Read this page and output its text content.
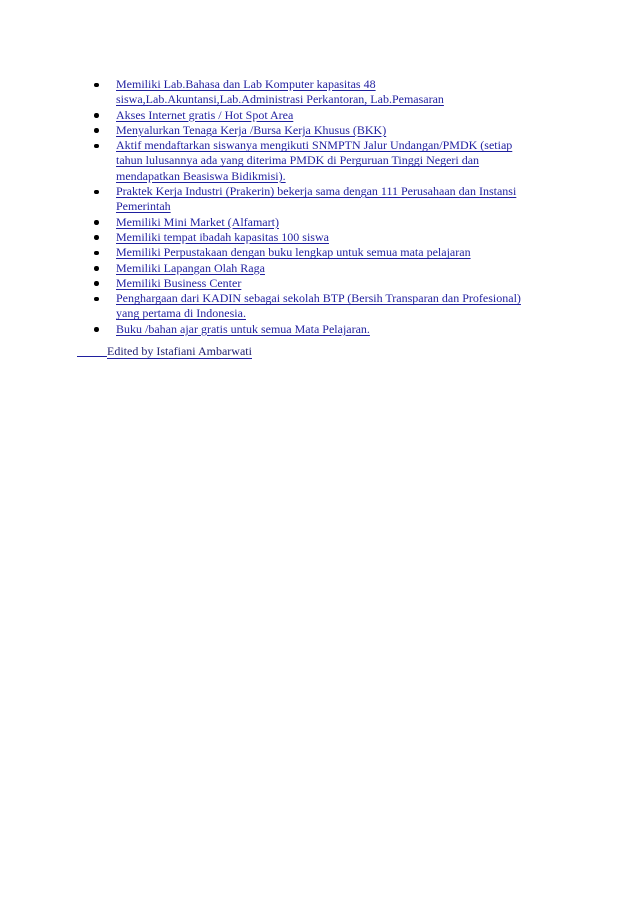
Memiliki Lab.Bahasa dan Lab Komputer kapasitas 48
siswa,Lab.Akuntansi,Lab.Administrasi Perkantoran, Lab.Pemasaran
Akses Internet gratis / Hot Spot Area
Menyalurkan Tenaga Kerja /Bursa Kerja Khusus (BKK)
Aktif mendaftarkan siswanya mengikuti SNMPTN Jalur Undangan/PMDK (setiap
tahun lulusannya ada yang diterima PMDK di Perguruan Tinggi Negeri dan
mendapatkan Beasiswa Bidikmisi).
Praktek Kerja Industri (Prakerin) bekerja sama dengan 111 Perusahaan dan Instansi
Pemerintah
Memiliki Mini Market (Alfamart)
Memiliki tempat ibadah kapasitas 100 siswa
Memiliki Perpustakaan dengan buku lengkap untuk semua mata pelajaran
Memiliki Lapangan Olah Raga
Memiliki Business Center
Penghargaan dari KADIN sebagai sekolah BTP (Bersih Transparan dan Profesional)
yang pertama di Indonesia.
Buku /bahan ajar gratis untuk semua Mata Pelajaran.
Edited by Istafiani Ambarwati
